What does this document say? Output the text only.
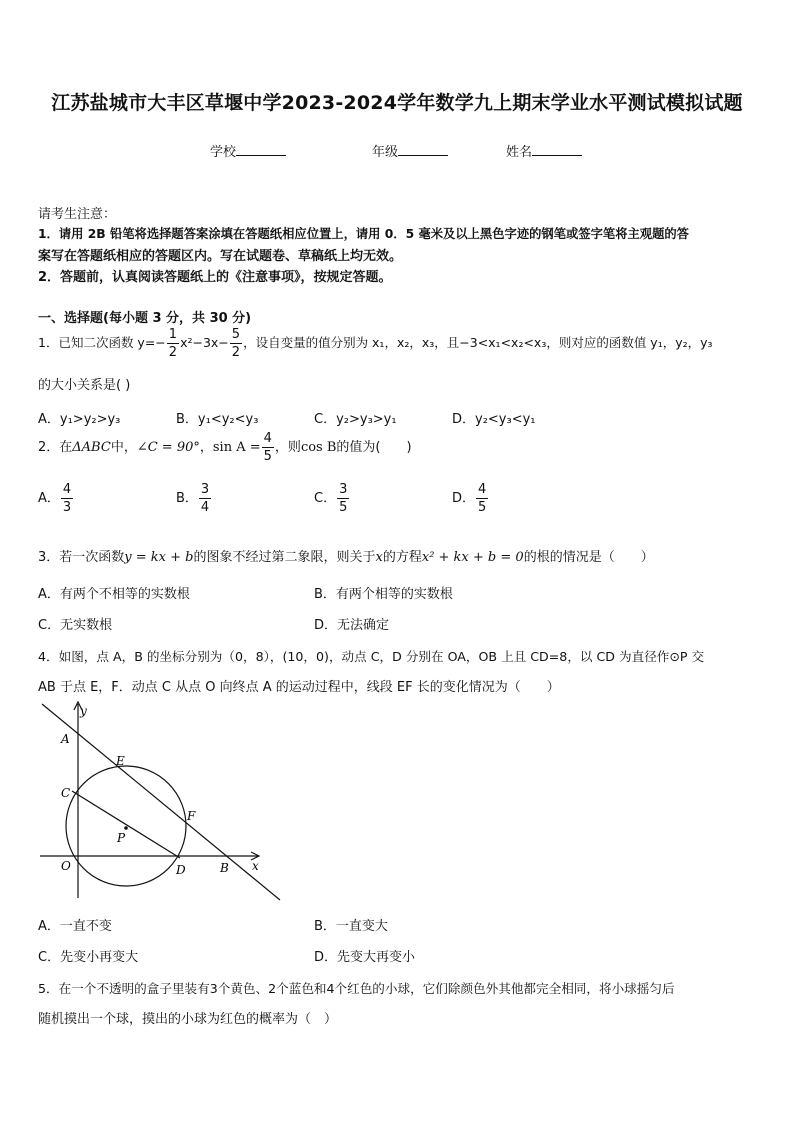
江苏盐城市大丰区草堰中学2023-2024学年数学九上期末学业水平测试模拟试题
学校	年级	姓名
请考生注意：
1．请用 2B 铅笔将选择题答案涂填在答题纸相应位置上，请用 0．5 毫米及以上黑色字迹的钢笔或签字笔将主观题的答
案写在答题纸相应的答题区内。写在试题卷、草稿纸上均无效。
2．答题前，认真阅读答题纸上的《注意事项》，按规定答题。
一、选择题(每小题 3 分，共 30 分)
1．已知二次函数 $y=- \frac{1}{2} x^2-3x- \frac{5}{2}$ ，设自变量的值分别为 x₁，x₂，x₃，且−3<x₁<x₂<x₃，则对应的函数值 y₁，y₂，y₃
的大小关系是( )
A．y₁>y₂>y₃	B．y₁<y₂<y₃	C．y₂>y₃>y₁	D．y₂<y₃<y₁
2．在ΔABC中，∠C = 90°，$\sin A = \frac{4}{5}$ ，则cos B的值为(　　)
A． $\frac{4}{3}$	B． $\frac{3}{4}$	C． $\frac{3}{5}$	D． $\frac{4}{5}$
3．若一次函数y = kx + b的图象不经过第二象限，则关于x的方程x² + kx + b = 0的根的情况是（　　）
A．有两个不相等的实数根	B．有两个相等的实数根
C．无实数根	D．无法确定
4．如图，点 A，B 的坐标分别为（0，8），(10，0)，动点 C，D 分别在 OA，OB 上且 CD=8，以 CD 为直径作⊙P 交
AB 于点 E，F．动点 C 从点 O 向终点 A 的运动过程中，线段 EF 长的变化情况为（　　）
y
x
A
E
C
F
P
O	D	B
A．一直不变	B．一直变大
C．先变小再变大	D．先变大再变小
5．在一个不透明的盒子里装有3个黄色、2个蓝色和4个红色的小球，它们除颜色外其他都完全相同，将小球摇匀后
随机摸出一个球，摸出的小球为红色的概率为（　）
